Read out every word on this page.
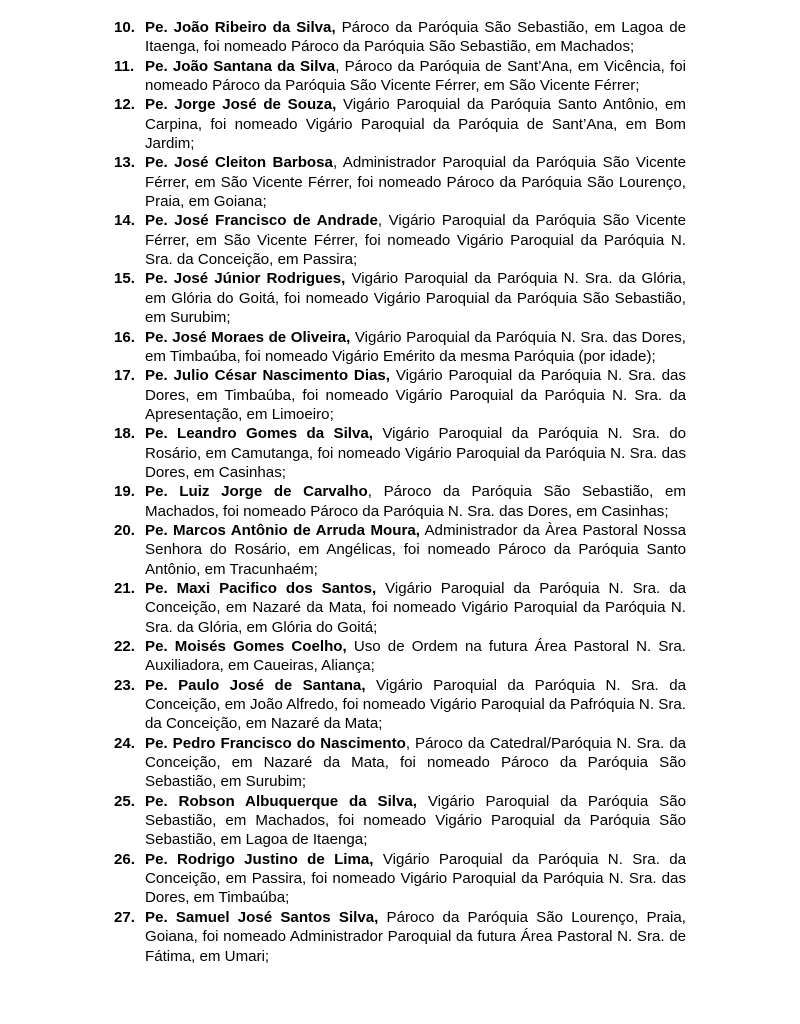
10. Pe. João Ribeiro da Silva, Pároco da Paróquia São Sebastião, em Lagoa de Itaenga, foi nomeado Pároco da Paróquia São Sebastião, em Machados;
11. Pe. João Santana da Silva, Pároco da Paróquia de Sant’Ana, em Vicência, foi nomeado Pároco da Paróquia São Vicente Férrer, em São Vicente Férrer;
12. Pe. Jorge José de Souza, Vigário Paroquial da Paróquia Santo Antônio, em Carpina, foi nomeado Vigário Paroquial da Paróquia de Sant’Ana, em Bom Jardim;
13. Pe. José Cleiton Barbosa, Administrador Paroquial da Paróquia São Vicente Férrer, em São Vicente Férrer, foi nomeado Pároco da Paróquia São Lourenço, Praia, em Goiana;
14. Pe. José Francisco de Andrade, Vigário Paroquial da Paróquia São Vicente Férrer, em São Vicente Férrer, foi nomeado Vigário Paroquial da Paróquia N. Sra. da Conceição, em Passira;
15. Pe. José Júnior Rodrigues, Vigário Paroquial da Paróquia N. Sra. da Glória, em Glória do Goitá, foi nomeado Vigário Paroquial da Paróquia São Sebastião, em Surubim;
16. Pe. José Moraes de Oliveira, Vigário Paroquial da Paróquia N. Sra. das Dores, em Timbaúba, foi nomeado Vigário Emérito da mesma Paróquia (por idade);
17. Pe. Julio César Nascimento Dias, Vigário Paroquial da Paróquia N. Sra. das Dores, em Timbaúba, foi nomeado Vigário Paroquial da Paróquia N. Sra. da Apresentação, em Limoeiro;
18. Pe. Leandro Gomes da Silva, Vigário Paroquial da Paróquia N. Sra. do Rosário, em Camutanga, foi nomeado Vigário Paroquial da Paróquia N. Sra. das Dores, em Casinhas;
19. Pe. Luiz Jorge de Carvalho, Pároco da Paróquia São Sebastião, em Machados, foi nomeado Pároco da Paróquia N. Sra. das Dores, em Casinhas;
20. Pe. Marcos Antônio de Arruda Moura, Administrador da Àrea Pastoral Nossa Senhora do Rosário, em Angélicas, foi nomeado Pároco da Paróquia Santo Antônio, em Tracunhaém;
21. Pe. Maxi Pacifico dos Santos, Vigário Paroquial da Paróquia N. Sra. da Conceição, em Nazaré da Mata, foi nomeado Vigário Paroquial da Paróquia N. Sra. da Glória, em Glória do Goitá;
22. Pe. Moisés Gomes Coelho, Uso de Ordem na futura Área Pastoral N. Sra. Auxiliadora, em Caueiras, Aliança;
23. Pe. Paulo José de Santana, Vigário Paroquial da Paróquia N. Sra. da Conceição, em João Alfredo, foi nomeado Vigário Paroquial da Pafróquia N. Sra. da Conceição, em Nazaré da Mata;
24. Pe. Pedro Francisco do Nascimento, Pároco da Catedral/Paróquia N. Sra. da Conceição, em Nazaré da Mata, foi nomeado Pároco da Paróquia São Sebastião, em Surubim;
25. Pe. Robson Albuquerque da Silva, Vigário Paroquial da Paróquia São Sebastião, em Machados, foi nomeado Vigário Paroquial da Paróquia São Sebastião, em Lagoa de Itaenga;
26. Pe. Rodrigo Justino de Lima, Vigário Paroquial da Paróquia N. Sra. da Conceição, em Passira, foi nomeado Vigário Paroquial da Paróquia N. Sra. das Dores, em Timbaúba;
27. Pe. Samuel José Santos Silva, Pároco da Paróquia São Lourenço, Praia, Goiana, foi nomeado Administrador Paroquial da futura Área Pastoral N. Sra. de Fátima, em Umari;
